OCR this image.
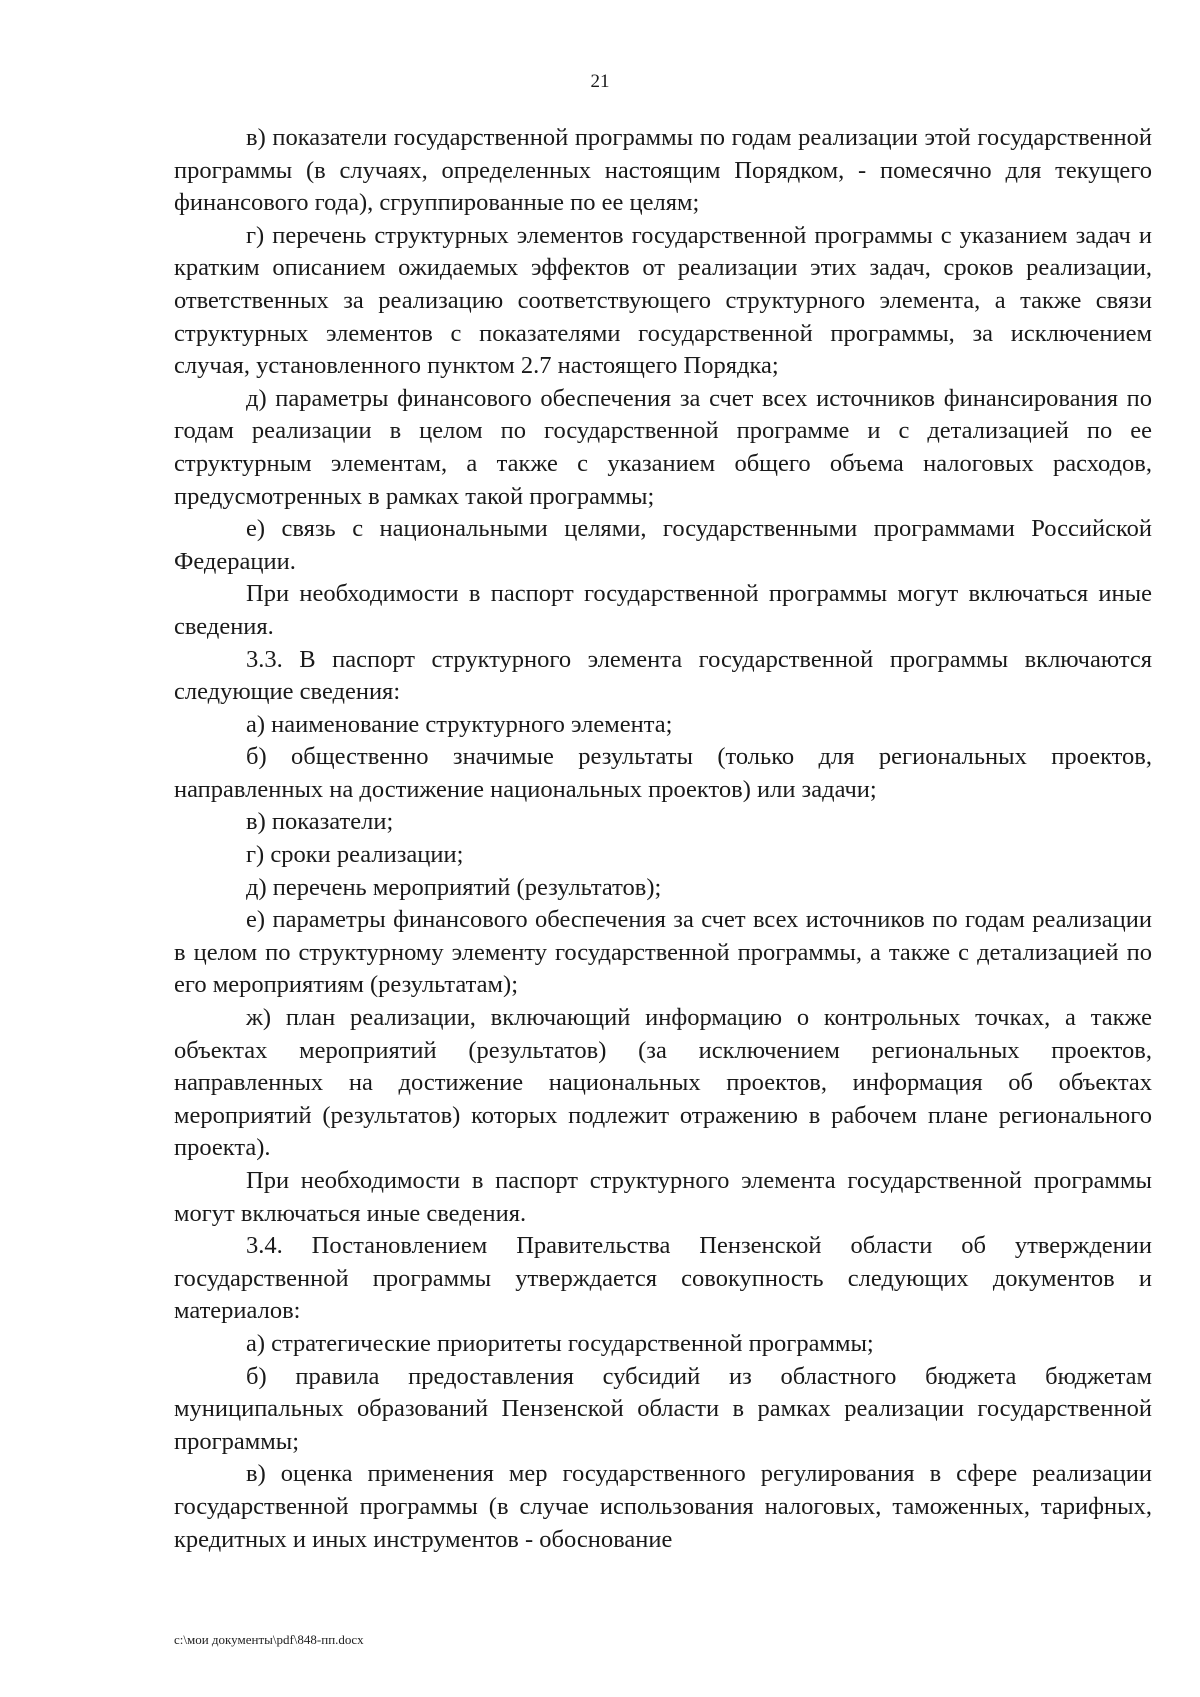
21

в) показатели государственной программы по годам реализации этой государственной программы (в случаях, определенных настоящим Порядком, - помесячно для текущего финансового года), сгруппированные по ее целям;

г) перечень структурных элементов государственной программы с указанием задач и кратким описанием ожидаемых эффектов от реализации этих задач, сроков реализации, ответственных за реализацию соответствующего структурного элемента, а также связи структурных элементов с показателями государственной программы, за исключением случая, установленного пунктом 2.7 настоящего Порядка;

д) параметры финансового обеспечения за счет всех источников финансирования по годам реализации в целом по государственной программе и с детализацией по ее структурным элементам, а также с указанием общего объема налоговых расходов, предусмотренных в рамках такой программы;

е) связь с национальными целями, государственными программами Российской Федерации.

При необходимости в паспорт государственной программы могут включаться иные сведения.

3.3. В паспорт структурного элемента государственной программы включаются следующие сведения:

а) наименование структурного элемента;

б) общественно значимые результаты (только для региональных проектов, направленных на достижение национальных проектов) или задачи;

в) показатели;

г) сроки реализации;

д) перечень мероприятий (результатов);

е) параметры финансового обеспечения за счет всех источников по годам реализации в целом по структурному элементу государственной программы, а также с детализацией по его мероприятиям (результатам);

ж) план реализации, включающий информацию о контрольных точках, а также объектах мероприятий (результатов) (за исключением региональных проектов, направленных на достижение национальных проектов, информация об объектах мероприятий (результатов) которых подлежит отражению в рабочем плане регионального проекта).

При необходимости в паспорт структурного элемента государственной программы могут включаться иные сведения.

3.4. Постановлением Правительства Пензенской области об утверждении государственной программы утверждается совокупность следующих документов и материалов:

а) стратегические приоритеты государственной программы;

б) правила предоставления субсидий из областного бюджета бюджетам муниципальных образований Пензенской области в рамках реализации государственной программы;

в) оценка применения мер государственного регулирования в сфере реализации государственной программы (в случае использования налоговых, таможенных, тарифных, кредитных и иных инструментов - обоснование

c:\мои документы\pdf\848-пп.docx
